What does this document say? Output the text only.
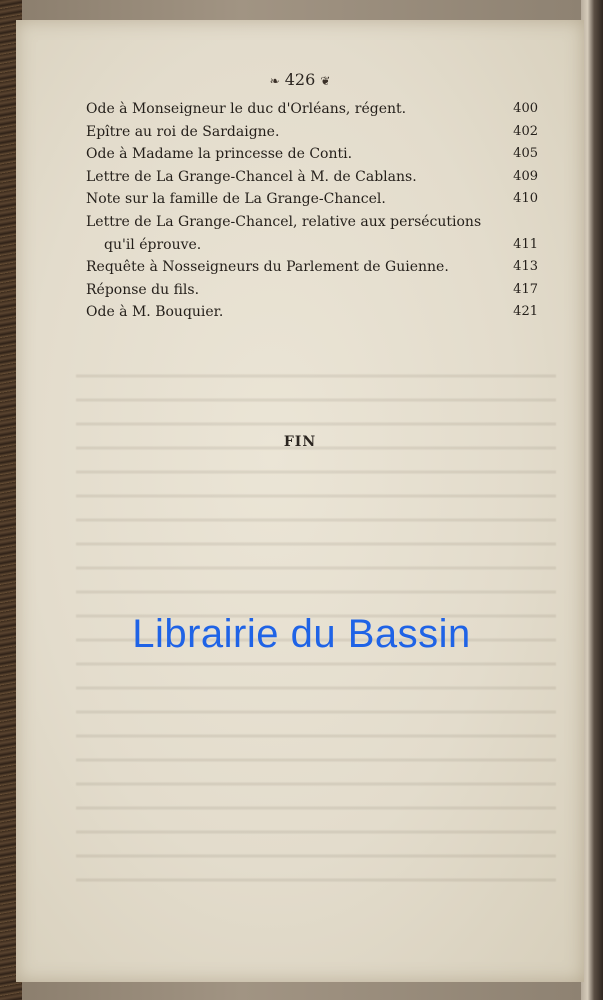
❧ 426 ❦
Ode à Monseigneur le duc d'Orléans, régent.	400
Epître au roi de Sardaigne.	402
Ode à Madame la princesse de Conti.	405
Lettre de La Grange-Chancel à M. de Cablans.	409
Note sur la famille de La Grange-Chancel.	410
Lettre de La Grange-Chancel, relative aux persécutions
qu'il éprouve.	411
Requête à Nosseigneurs du Parlement de Guienne.	413
Réponse du fils.	417
Ode à M. Bouquier.	421
FIN
Librairie du Bassin
